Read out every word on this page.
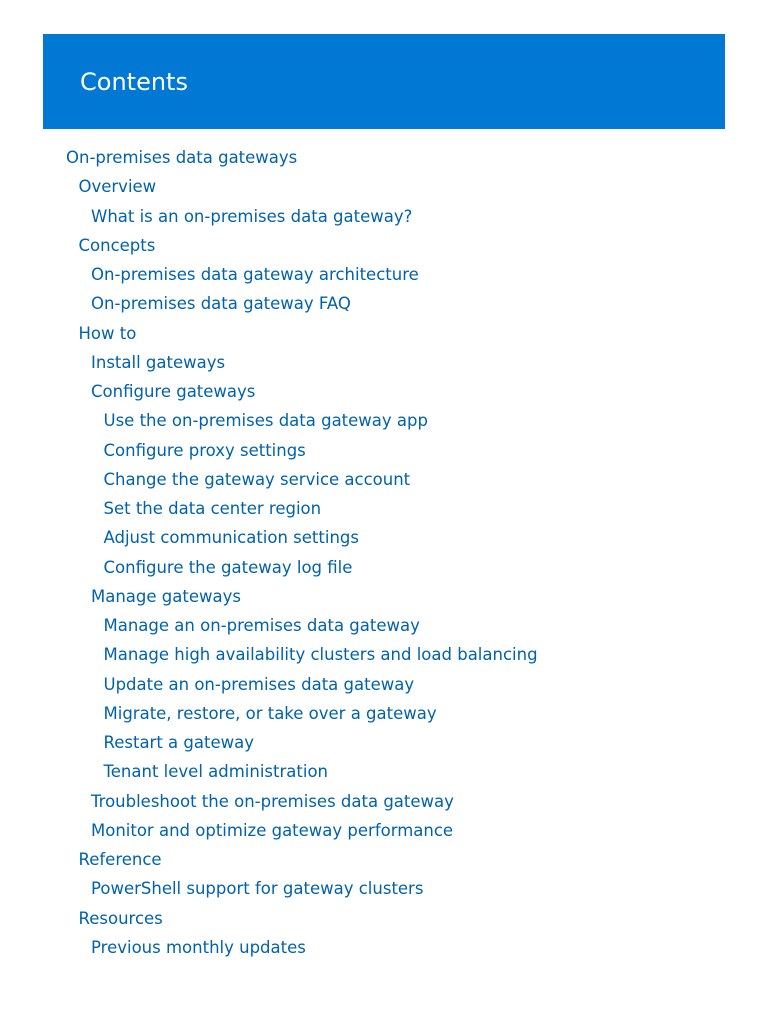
Contents
On-premises data gateways
Overview
What is an on-premises data gateway?
Concepts
On-premises data gateway architecture
On-premises data gateway FAQ
How to
Install gateways
Configure gateways
Use the on-premises data gateway app
Configure proxy settings
Change the gateway service account
Set the data center region
Adjust communication settings
Configure the gateway log file
Manage gateways
Manage an on-premises data gateway
Manage high availability clusters and load balancing
Update an on-premises data gateway
Migrate, restore, or take over a gateway
Restart a gateway
Tenant level administration
Troubleshoot the on-premises data gateway
Monitor and optimize gateway performance
Reference
PowerShell support for gateway clusters
Resources
Previous monthly updates
